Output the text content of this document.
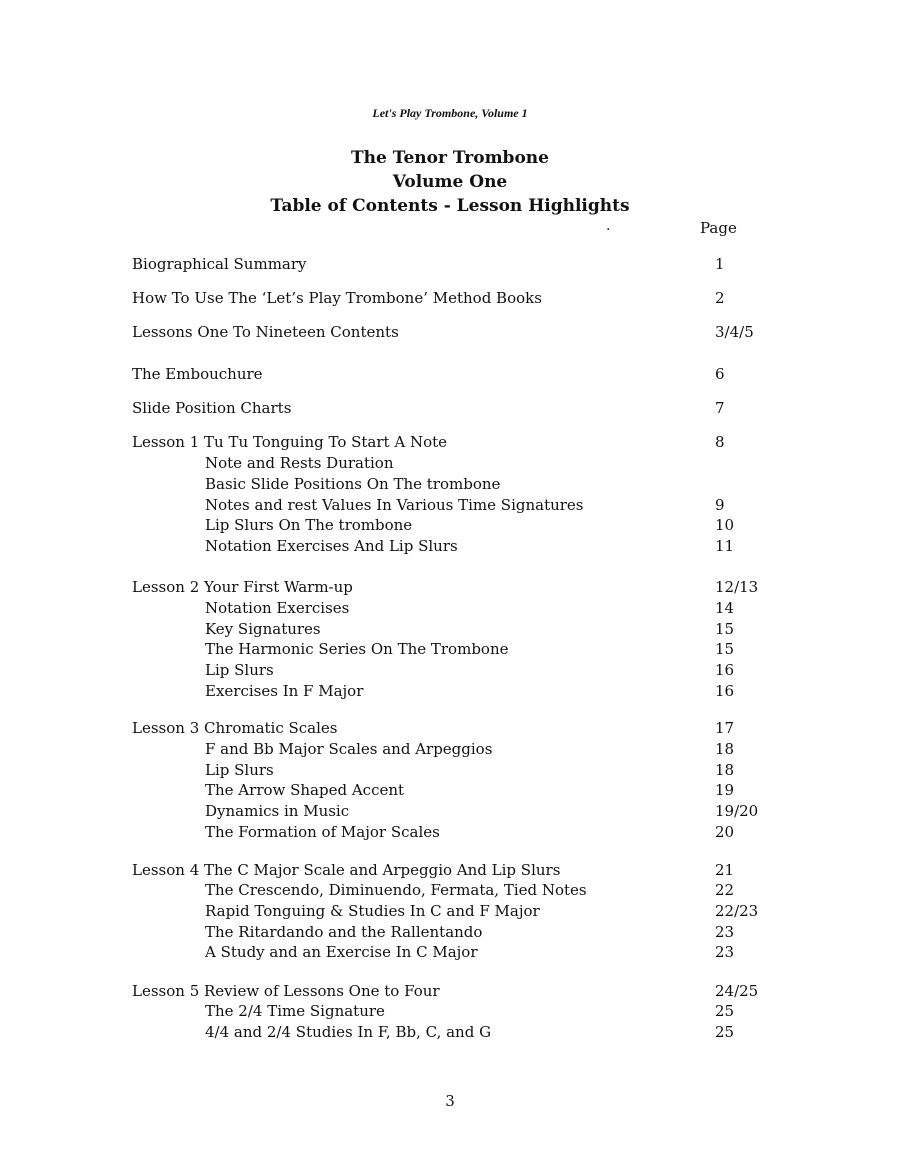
Let's Play Trombone, Volume 1
The Tenor Trombone
Volume One
Table of Contents - Lesson Highlights
.	Page
Biographical Summary	1
How To Use The ‘Let’s Play Trombone’ Method Books	2
Lessons One To Nineteen Contents	3/4/5
The Embouchure	6
Slide Position Charts	7
Lesson 1 Tu Tu Tonguing To Start A Note	8
Note and Rests Duration
Basic Slide Positions On The trombone
Notes and rest Values In Various Time Signatures	9
Lip Slurs On The trombone	10
Notation Exercises And Lip Slurs	11
Lesson 2 Your First Warm-up	12/13
Notation Exercises	14
Key Signatures	15
The Harmonic Series On The Trombone	15
Lip Slurs	16
Exercises In F Major	16
Lesson 3 Chromatic Scales	17
F and Bb Major Scales and Arpeggios	18
Lip Slurs	18
The Arrow Shaped Accent	19
Dynamics in Music	19/20
The Formation of Major Scales	20
Lesson 4 The C Major Scale and Arpeggio And Lip Slurs	21
The Crescendo, Diminuendo, Fermata, Tied Notes	22
Rapid Tonguing & Studies In C and F Major	22/23
The Ritardando and the Rallentando	23
A Study and an Exercise In C Major	23
Lesson 5 Review of Lessons One to Four	24/25
The 2/4 Time Signature	25
4/4 and 2/4 Studies In F, Bb, C, and G	25
3
